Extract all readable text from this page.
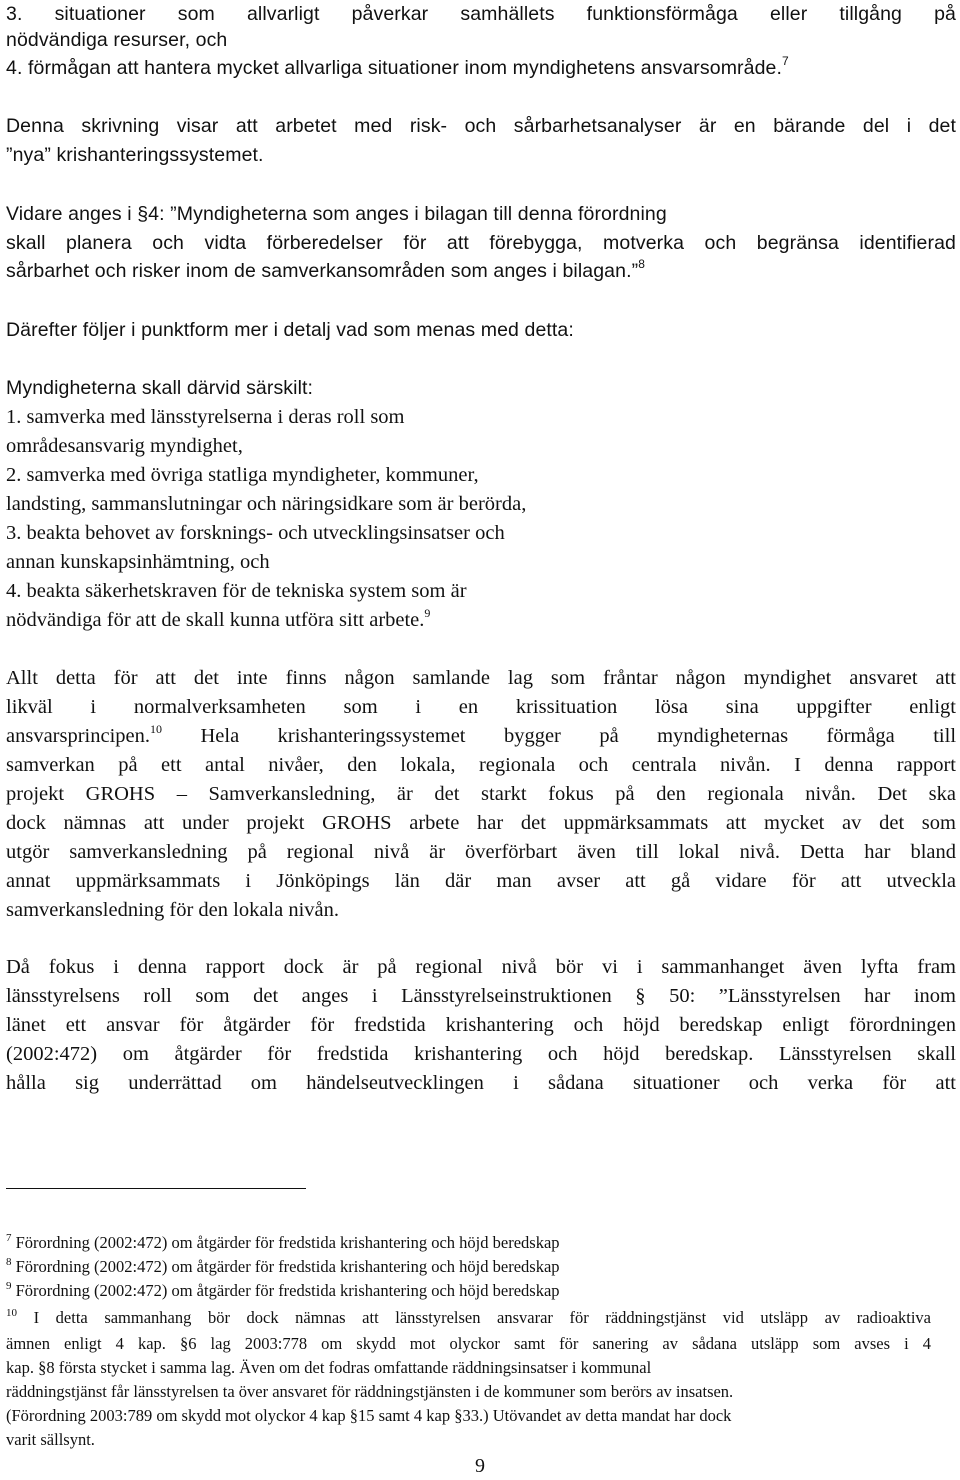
3. situationer som allvarligt påverkar samhällets funktionsförmåga eller tillgång på
nödvändiga resurser, och
4. förmågan att hantera mycket allvarliga situationer inom myndighetens ansvarsområde.$^7$
Denna skrivning visar att arbetet med risk- och sårbarhetsanalyser är en bärande del i det
”nya” krishanteringssystemet.
Vidare anges i §4: ”Myndigheterna som anges i bilagan till denna förordning
skall planera och vidta förberedelser för att förebygga, motverka och begränsa identifierad
sårbarhet och risker inom de samverkansområden som anges i bilagan.”$^8$
Därefter följer i punktform mer i detalj vad som menas med detta:
Myndigheterna skall därvid särskilt:
1. samverka med länsstyrelserna i deras roll som
områdesansvarig myndighet,
2. samverka med övriga statliga myndigheter, kommuner,
landsting, sammanslutningar och näringsidkare som är berörda,
3. beakta behovet av forsknings- och utvecklingsinsatser och
annan kunskapsinhämtning, och
4. beakta säkerhetskraven för de tekniska system som är
nödvändiga för att de skall kunna utföra sitt arbete.$^9$
Allt detta för att det inte finns någon samlande lag som fråntar någon myndighet ansvaret att
likväl i normalverksamheten som i en krissituation lösa sina uppgifter enligt
ansvarsprincipen.$^{10}$ Hela krishanteringssystemet bygger på myndigheternas förmåga till
samverkan på ett antal nivåer, den lokala, regionala och centrala nivån. I denna rapport
projekt GROHS – Samverkansledning, är det starkt fokus på den regionala nivån. Det ska
dock nämnas att under projekt GROHS arbete har det uppmärksammats att mycket av det som
utgör samverkansledning på regional nivå är överförbart även till lokal nivå. Detta har bland
annat uppmärksammats i Jönköpings län där man avser att gå vidare för att utveckla
samverkansledning för den lokala nivån.
Då fokus i denna rapport dock är på regional nivå bör vi i sammanhanget även lyfta fram
länsstyrelsens roll som det anges i Länsstyrelseinstruktionen § 50: ”Länsstyrelsen har inom
länet ett ansvar för åtgärder för fredstida krishantering och höjd beredskap enligt förordningen
(2002:472) om åtgärder för fredstida krishantering och höjd beredskap. Länsstyrelsen skall
hålla sig underrättad om händelseutvecklingen i sådana situationer och verka för att
$^7$ Förordning (2002:472) om åtgärder för fredstida krishantering och höjd beredskap
$^8$ Förordning (2002:472) om åtgärder för fredstida krishantering och höjd beredskap
$^9$ Förordning (2002:472) om åtgärder för fredstida krishantering och höjd beredskap
$^{10}$ I detta sammanhang bör dock nämnas att länsstyrelsen ansvarar för räddningstjänst vid utsläpp av radioaktiva
ämnen enligt 4 kap. §6 lag 2003:778 om skydd mot olyckor samt för sanering av sådana utsläpp som avses i 4
kap. §8 första stycket i samma lag. Även om det fodras omfattande räddningsinsatser i kommunal
räddningstjänst får länsstyrelsen ta över ansvaret för räddningstjänsten i de kommuner som berörs av insatsen.
(Förordning 2003:789 om skydd mot olyckor 4 kap §15 samt 4 kap §33.) Utövandet av detta mandat har dock
varit sällsynt.
9
